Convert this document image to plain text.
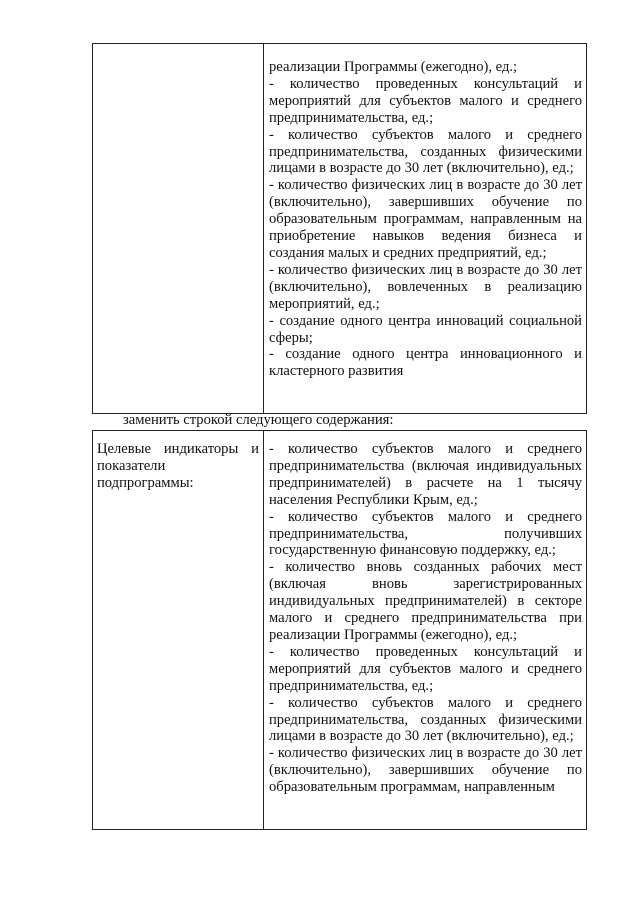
реализации Программы (ежегодно), ед.;

- количество проведенных консультаций и мероприятий для субъектов малого и среднего предпринимательства, ед.;

- количество субъектов малого и среднего предпринимательства, созданных физическими лицами в возрасте до 30 лет (включительно), ед.;

- количество физических лиц в возрасте до 30 лет (включительно), завершивших обучение по образовательным программам, направленным на приобретение навыков ведения бизнеса и создания малых и средних предприятий, ед.;

- количество физических лиц в возрасте до 30 лет (включительно), вовлеченных в реализацию мероприятий, ед.;

- создание одного центра инноваций социальной сферы;

- создание одного центра инновационного и кластерного развития

заменить строкой следующего содержания:
Целевые индикаторы и показатели подпрограммы:

- количество субъектов малого и среднего предпринимательства (включая индивидуальных предпринимателей) в расчете на 1 тысячу населения Республики Крым, ед.;

- количество субъектов малого и среднего предпринимательства, получивших государственную финансовую поддержку, ед.;

- количество вновь созданных рабочих мест (включая вновь зарегистрированных индивидуальных предпринимателей) в секторе малого и среднего предпринимательства при реализации Программы (ежегодно), ед.;

- количество проведенных консультаций и мероприятий для субъектов малого и среднего предпринимательства, ед.;

- количество субъектов малого и среднего предпринимательства, созданных физическими лицами в возрасте до 30 лет (включительно), ед.;

- количество физических лиц в возрасте до 30 лет (включительно), завершивших обучение по образовательным программам, направленным
